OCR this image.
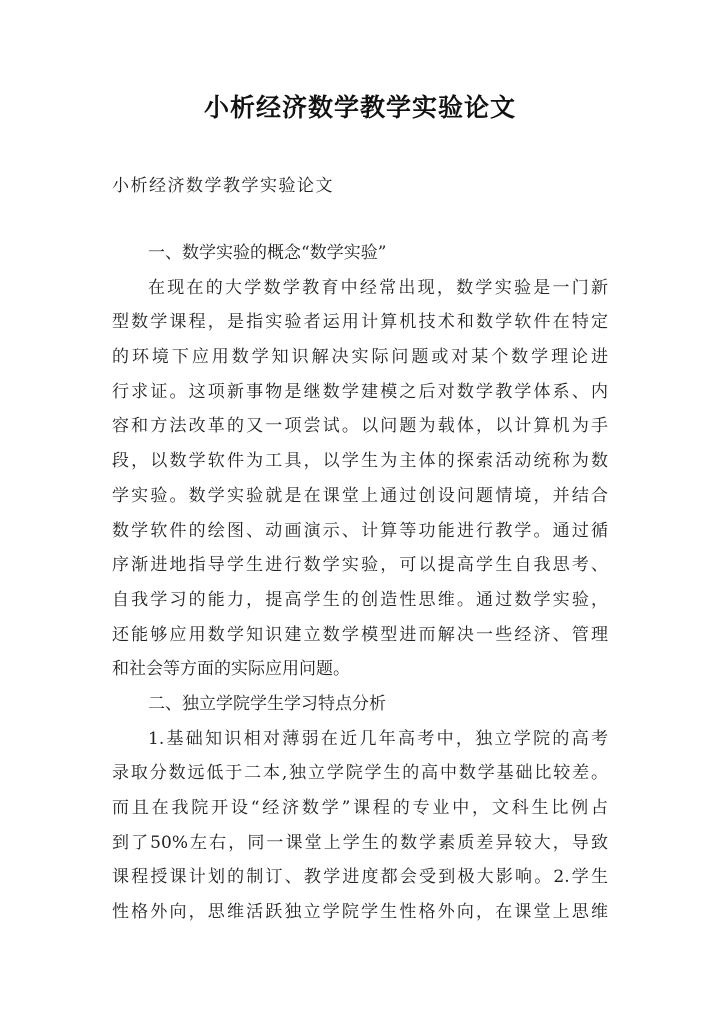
小析经济数学教学实验论文
小析经济数学教学实验论文
一、数学实验的概念“数学实验”
在现在的大学数学教育中经常出现，数学实验是一门新
型数学课程，是指实验者运用计算机技术和数学软件在特定
的环境下应用数学知识解决实际问题或对某个数学理论进
行求证。这项新事物是继数学建模之后对数学教学体系、内
容和方法改革的又一项尝试。以问题为载体，以计算机为手
段，以数学软件为工具，以学生为主体的探索活动统称为数
学实验。数学实验就是在课堂上通过创设问题情境，并结合
数学软件的绘图、动画演示、计算等功能进行教学。通过循
序渐进地指导学生进行数学实验，可以提高学生自我思考、
自我学习的能力，提高学生的创造性思维。通过数学实验，
还能够应用数学知识建立数学模型进而解决一些经济、管理
和社会等方面的实际应用问题。
二、独立学院学生学习特点分析
1.基础知识相对薄弱在近几年高考中，独立学院的高考
录取分数远低于二本,独立学院学生的高中数学基础比较差。
而且在我院开设“经济数学”课程的专业中，文科生比例占
到了50%左右，同一课堂上学生的数学素质差异较大，导致
课程授课计划的制订、教学进度都会受到极大影响。2.学生
性格外向，思维活跃独立学院学生性格外向，在课堂上思维
